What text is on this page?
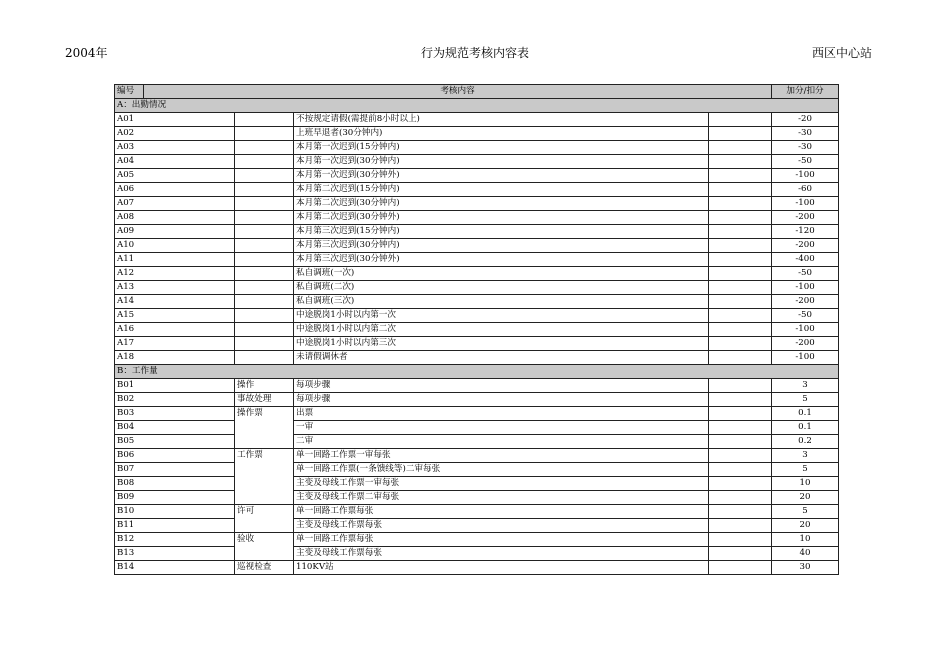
2004年	行为规范考核内容表	西区中心站
编号	考核内容				加分/扣分
A：出勤情况					
A01			不按规定请假(需提前8小时以上)		-20
A02			上班早退者(30分钟内)		-30
A03			本月第一次迟到(15分钟内)		-30
A04			本月第一次迟到(30分钟内)		-50
A05			本月第一次迟到(30分钟外)		-100
A06			本月第二次迟到(15分钟内)		-60
A07			本月第二次迟到(30分钟内)		-100
A08			本月第二次迟到(30分钟外)		-200
A09			本月第三次迟到(15分钟内)		-120
A10			本月第三次迟到(30分钟内)		-200
A11			本月第三次迟到(30分钟外)		-400
A12			私自调班(一次)		-50
A13			私自调班(二次)		-100
A14			私自调班(三次)		-200
A15			中途脱岗1小时以内第一次		-50
A16			中途脱岗1小时以内第二次		-100
A17			中途脱岗1小时以内第三次		-200
A18			未请假调休者		-100
B：工作量					
B01		操作	每项步骤		3
B02		事故处理	每项步骤		5
B03		操作票	出票		0.1
B04			一审		0.1
B05			二审		0.2
B06		工作票	单一回路工作票一审每张		3
B07			单一回路工作票(一条馈线等)二审每张		5
B08			主变及母线工作票一审每张		10
B09			主变及母线工作票二审每张		20
B10		许可	单一回路工作票每张		5
B11			主变及母线工作票每张		20
B12		验收	单一回路工作票每张		10
B13			主变及母线工作票每张		40
B14		巡视检查	110KV站		30
